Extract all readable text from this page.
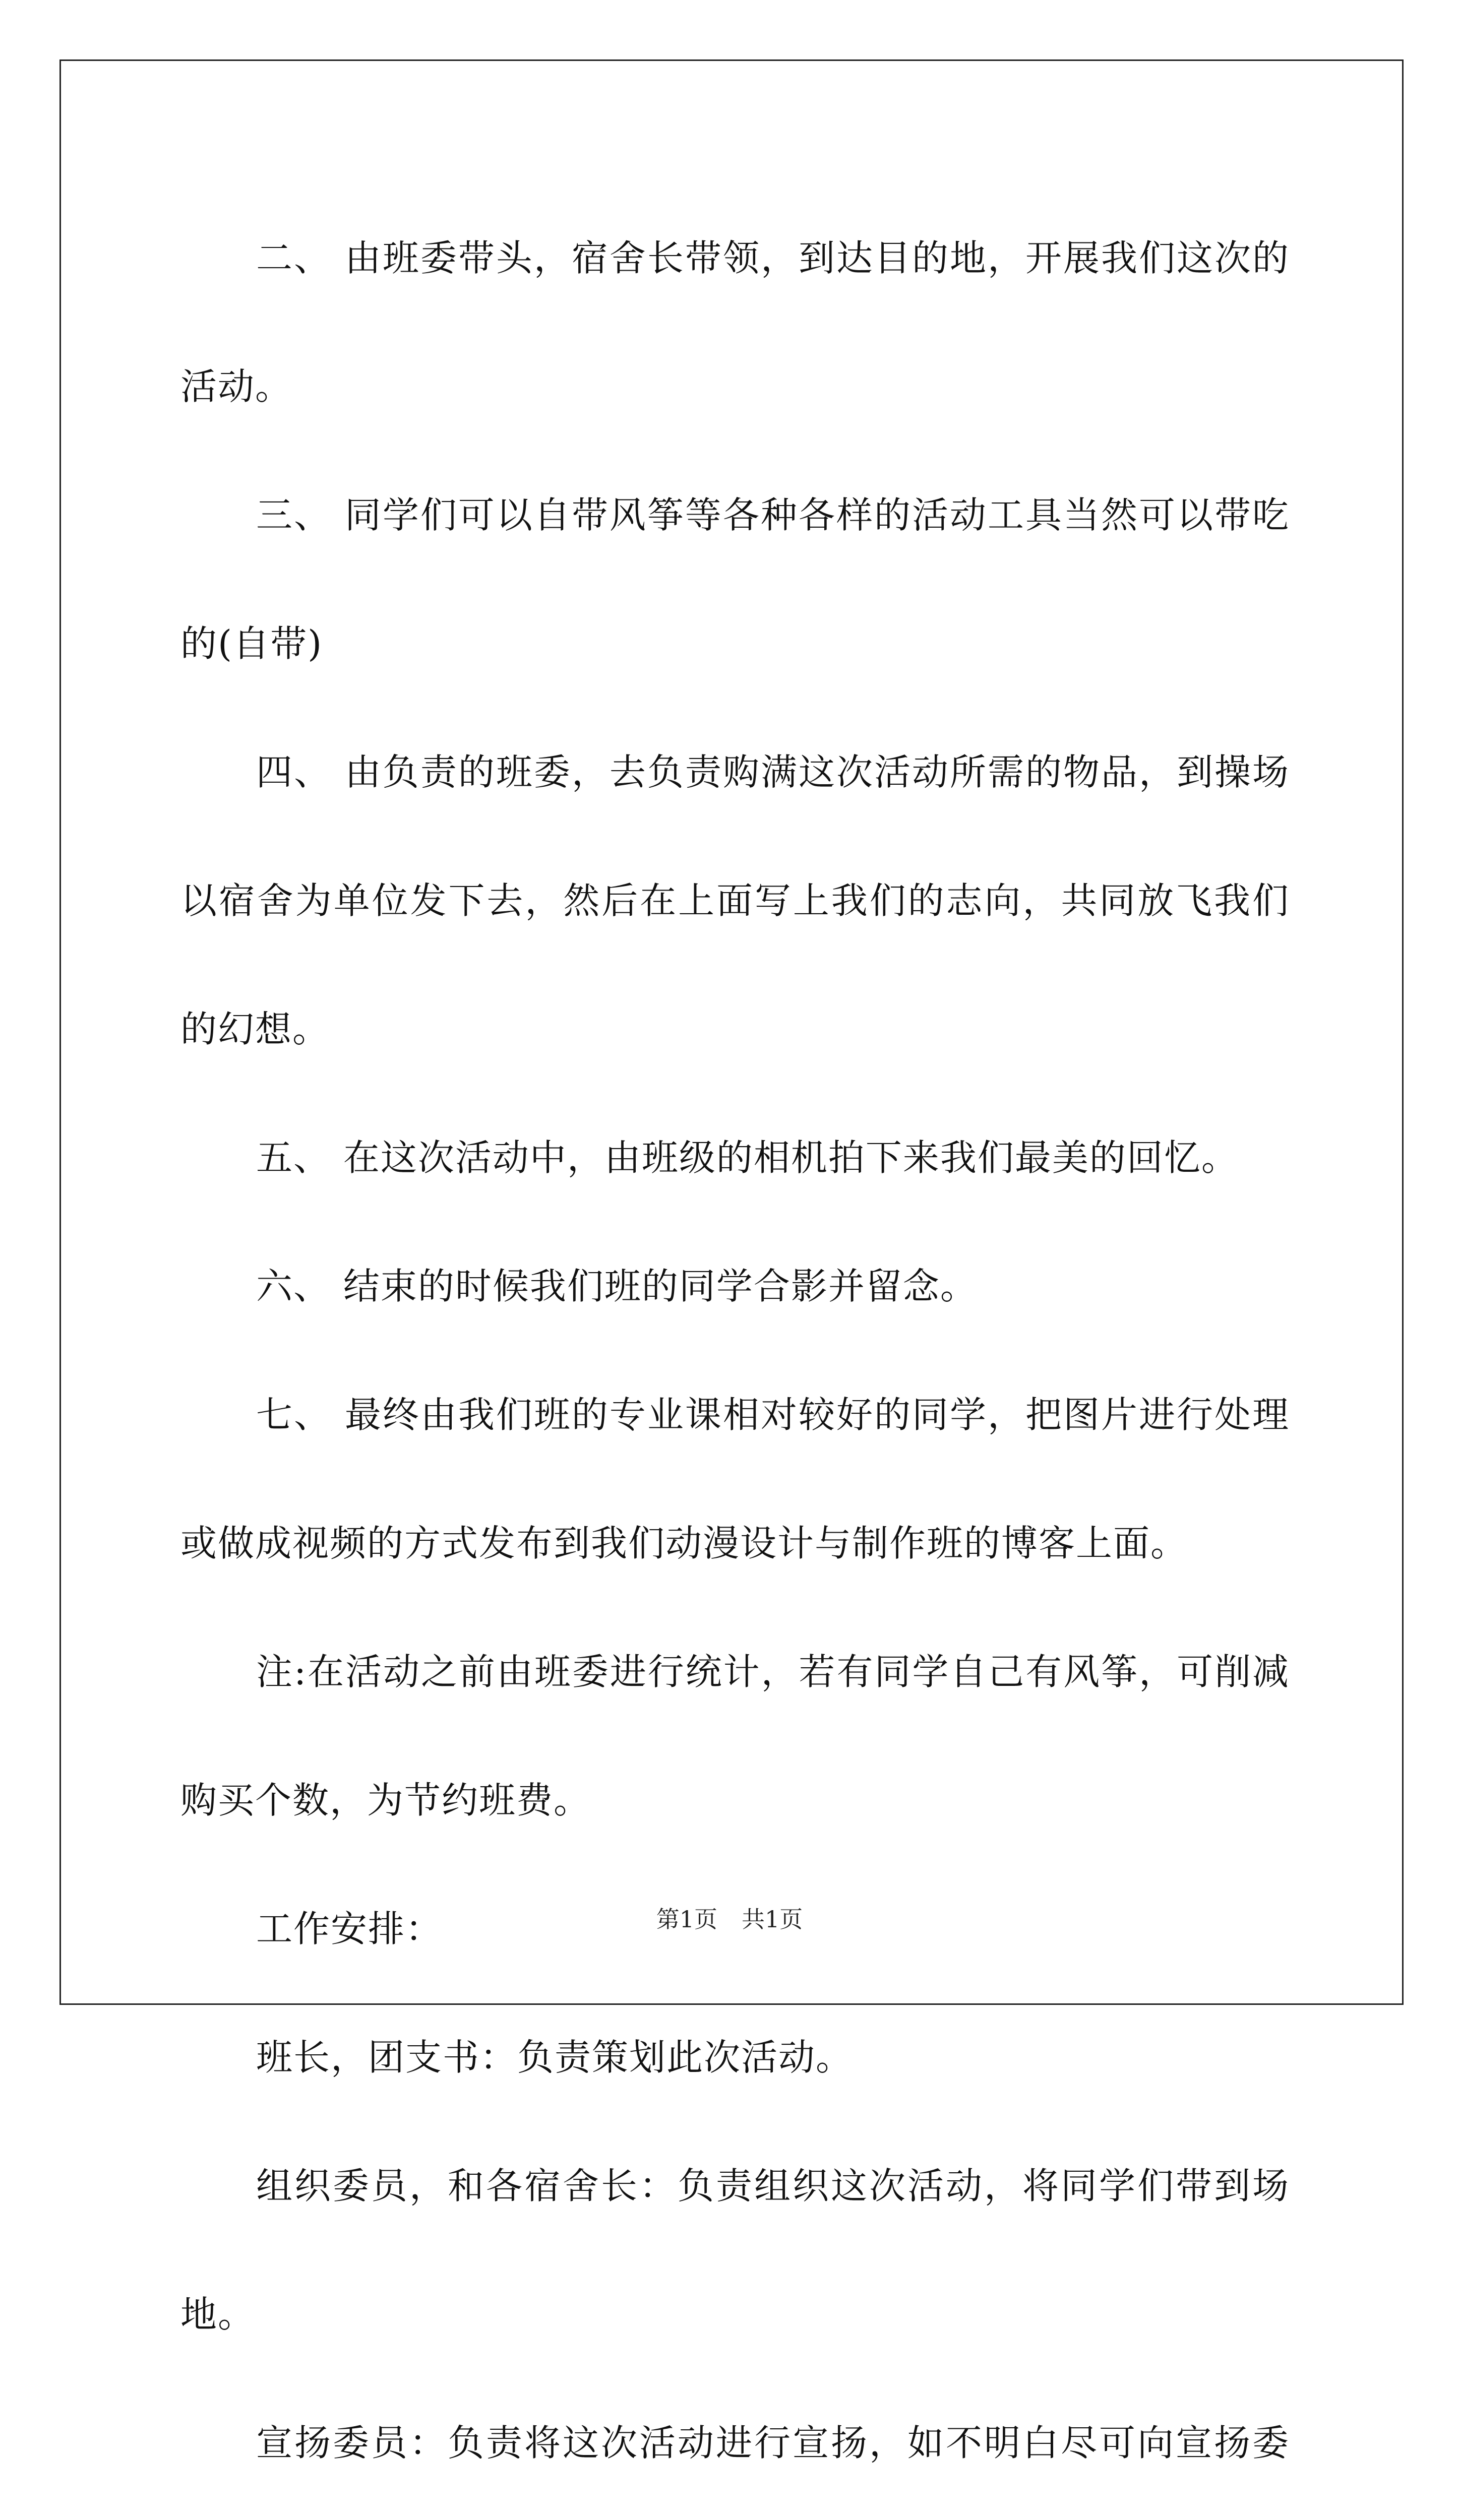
二、 由班委带头，宿舍长带领，到达目的地，开展我们这次的活动。

三、 同学们可以自带风筝等各种各样的活动工具当然可以带吃的(自带)

四、 由负责的班委，去负责购满这次活动所需的物品，到操场以宿舍为单位发下去，然后在上面写上我们的志向，共同放飞我们的幻想。

五、 在这次活动中，由班级的相机拍下来我们最美的回忆。

六、 结束的时候我们班的同学合影并留念。

七、 最终由我们班的专业课相对较好的同学，把图片进行处理或做成视频的方式发布到我们动漫设计与制作班的博客上面。

注:在活动之前由班委进行统计，若有同学自己有风筝，可削减购买个数，为节约班费。

工作安排：

班长，团支书：负责策划此次活动。

组织委员，和各宿舍长：负责组织这次活动，将同学们带到场地。

宣扬委员：负责将这次活动进行宣扬，如不明白尽可向宣扬委

第1页 共1页
